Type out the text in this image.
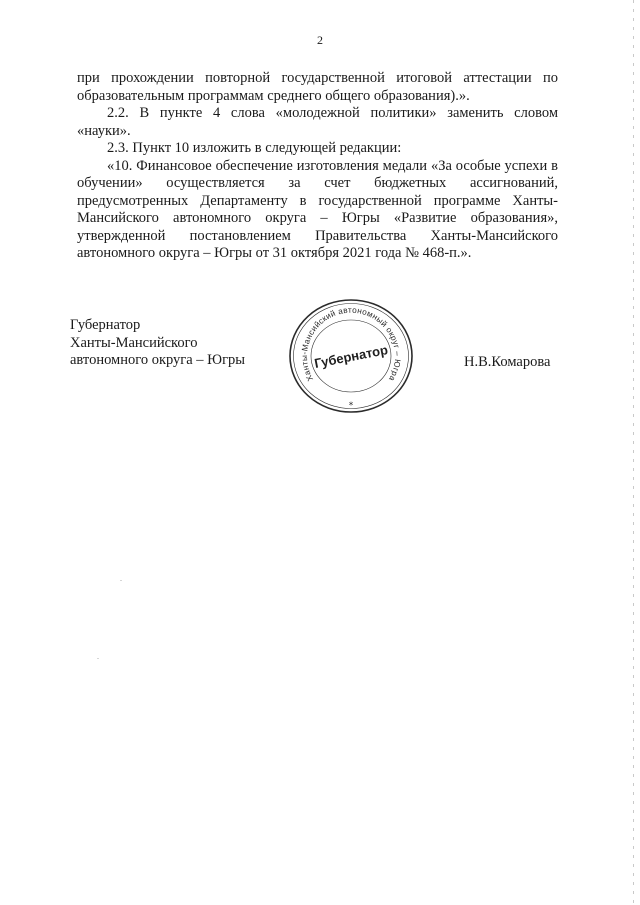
2

при прохождении повторной государственной итоговой аттестации по образовательным программам среднего общего образования).».

2.2. В пункте 4 слова «молодежной политики» заменить словом «науки».

2.3. Пункт 10 изложить в следующей редакции:

«10. Финансовое обеспечение изготовления медали «За особые успехи в обучении» осуществляется за счет бюджетных ассигнований, предусмотренных Департаменту в государственной программе Ханты-Мансийского автономного округа – Югры «Развитие образования», утвержденной постановлением Правительства Ханты-Мансийского автономного округа – Югры от 31 октября 2021 года № 468-п.».

Губернатор
Ханты-Мансийского
автономного округа – Югры
Ханты-Мансийский автономный округ – Югра
Губернатор
*
Н.В.Комарова
